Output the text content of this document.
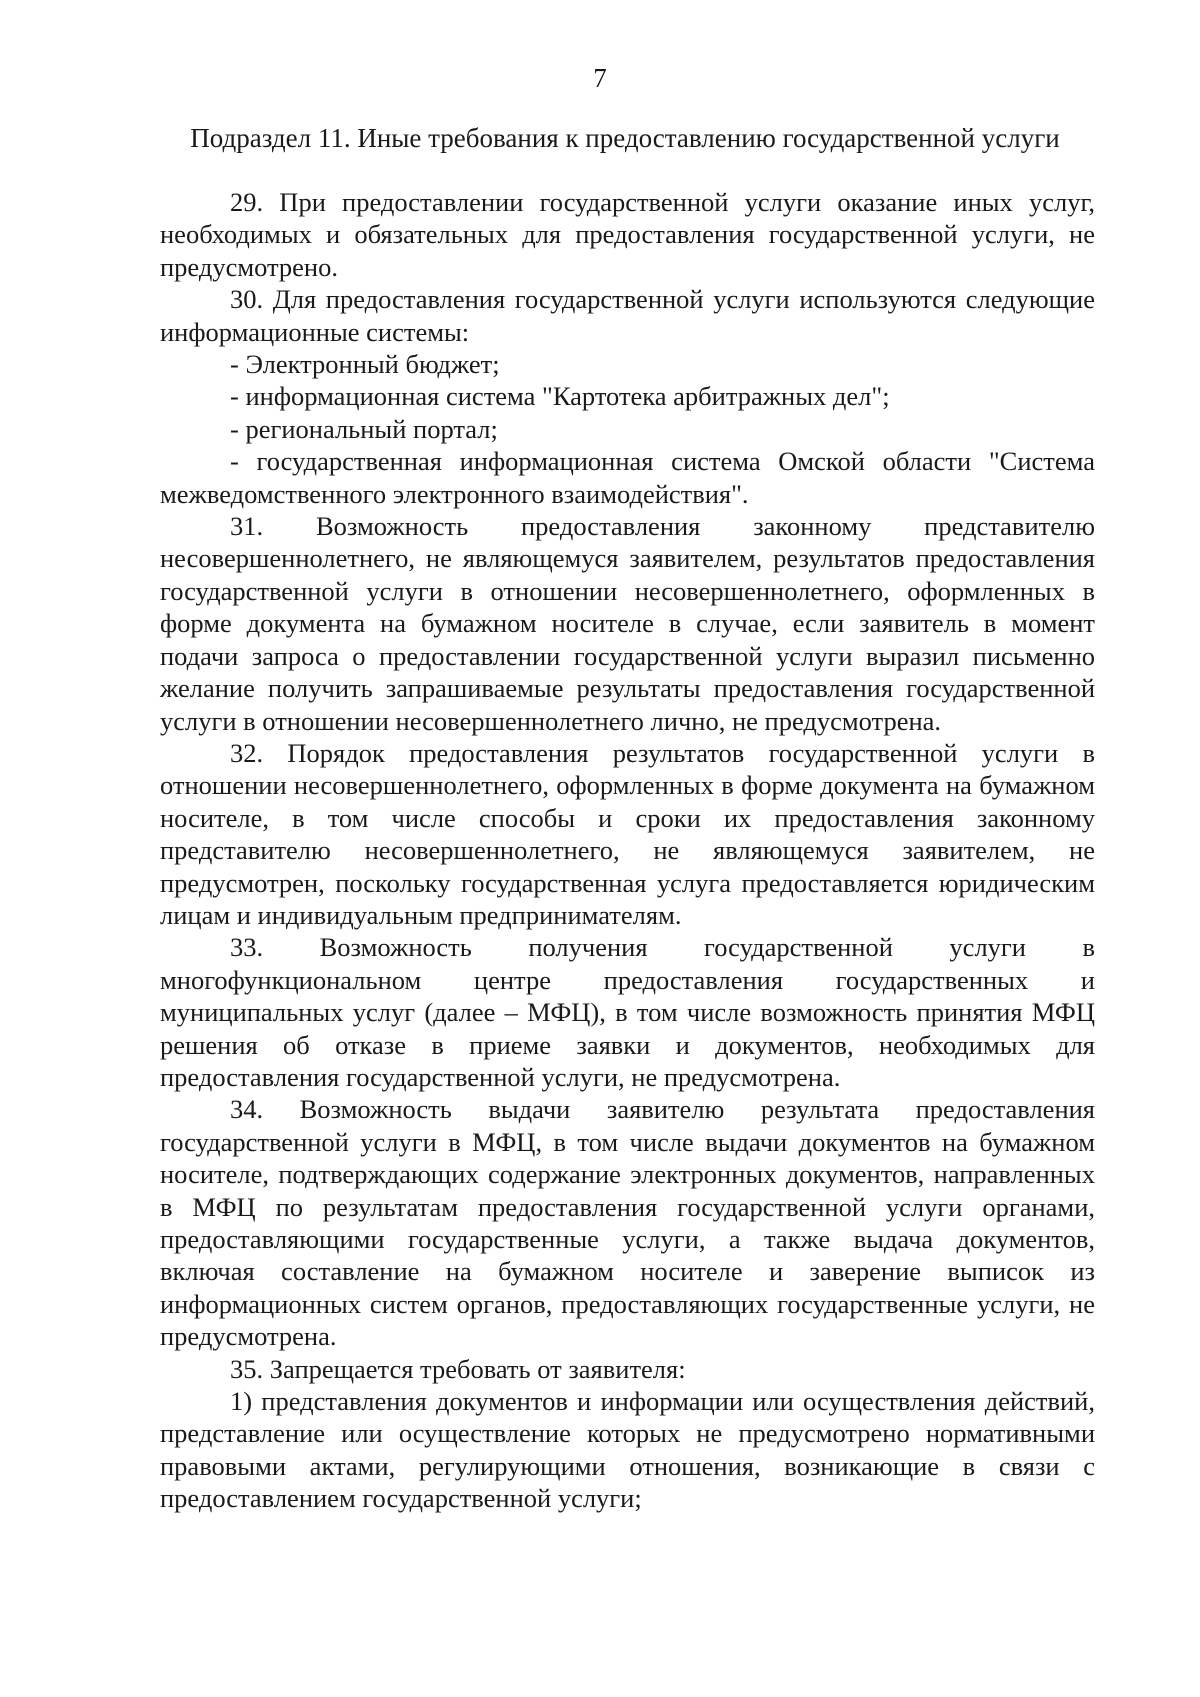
7
Подраздел 11. Иные требования к предоставлению государственной услуги

29. При предоставлении государственной услуги оказание иных услуг, необходимых и обязательных для предоставления государственной услуги, не предусмотрено.

30. Для предоставления государственной услуги используются следующие информационные системы:

- Электронный бюджет;

- информационная система "Картотека арбитражных дел";

- региональный портал;

- государственная информационная система Омской области "Система межведомственного электронного взаимодействия".

31. Возможность предоставления законному представителю несовершеннолетнего, не являющемуся заявителем, результатов предоставления государственной услуги в отношении несовершеннолетнего, оформленных в форме документа на бумажном носителе в случае, если заявитель в момент подачи запроса о предоставлении государственной услуги выразил письменно желание получить запрашиваемые результаты предоставления государственной услуги в отношении несовершеннолетнего лично, не предусмотрена.

32. Порядок предоставления результатов государственной услуги в отношении несовершеннолетнего, оформленных в форме документа на бумажном носителе, в том числе способы и сроки их предоставления законному представителю несовершеннолетнего, не являющемуся заявителем, не предусмотрен, поскольку государственная услуга предоставляется юридическим лицам и индивидуальным предпринимателям.

33. Возможность получения государственной услуги в многофункциональном центре предоставления государственных и муниципальных услуг (далее – МФЦ), в том числе возможность принятия МФЦ решения об отказе в приеме заявки и документов, необходимых для предоставления государственной услуги, не предусмотрена.

34. Возможность выдачи заявителю результата предоставления государственной услуги в МФЦ, в том числе выдачи документов на бумажном носителе, подтверждающих содержание электронных документов, направленных в МФЦ по результатам предоставления государственной услуги органами, предоставляющими государственные услуги, а также выдача документов, включая составление на бумажном носителе и заверение выписок из информационных систем органов, предоставляющих государственные услуги, не предусмотрена.

35. Запрещается требовать от заявителя:

1) представления документов и информации или осуществления действий, представление или осуществление которых не предусмотрено нормативными правовыми актами, регулирующими отношения, возникающие в связи с предоставлением государственной услуги;
